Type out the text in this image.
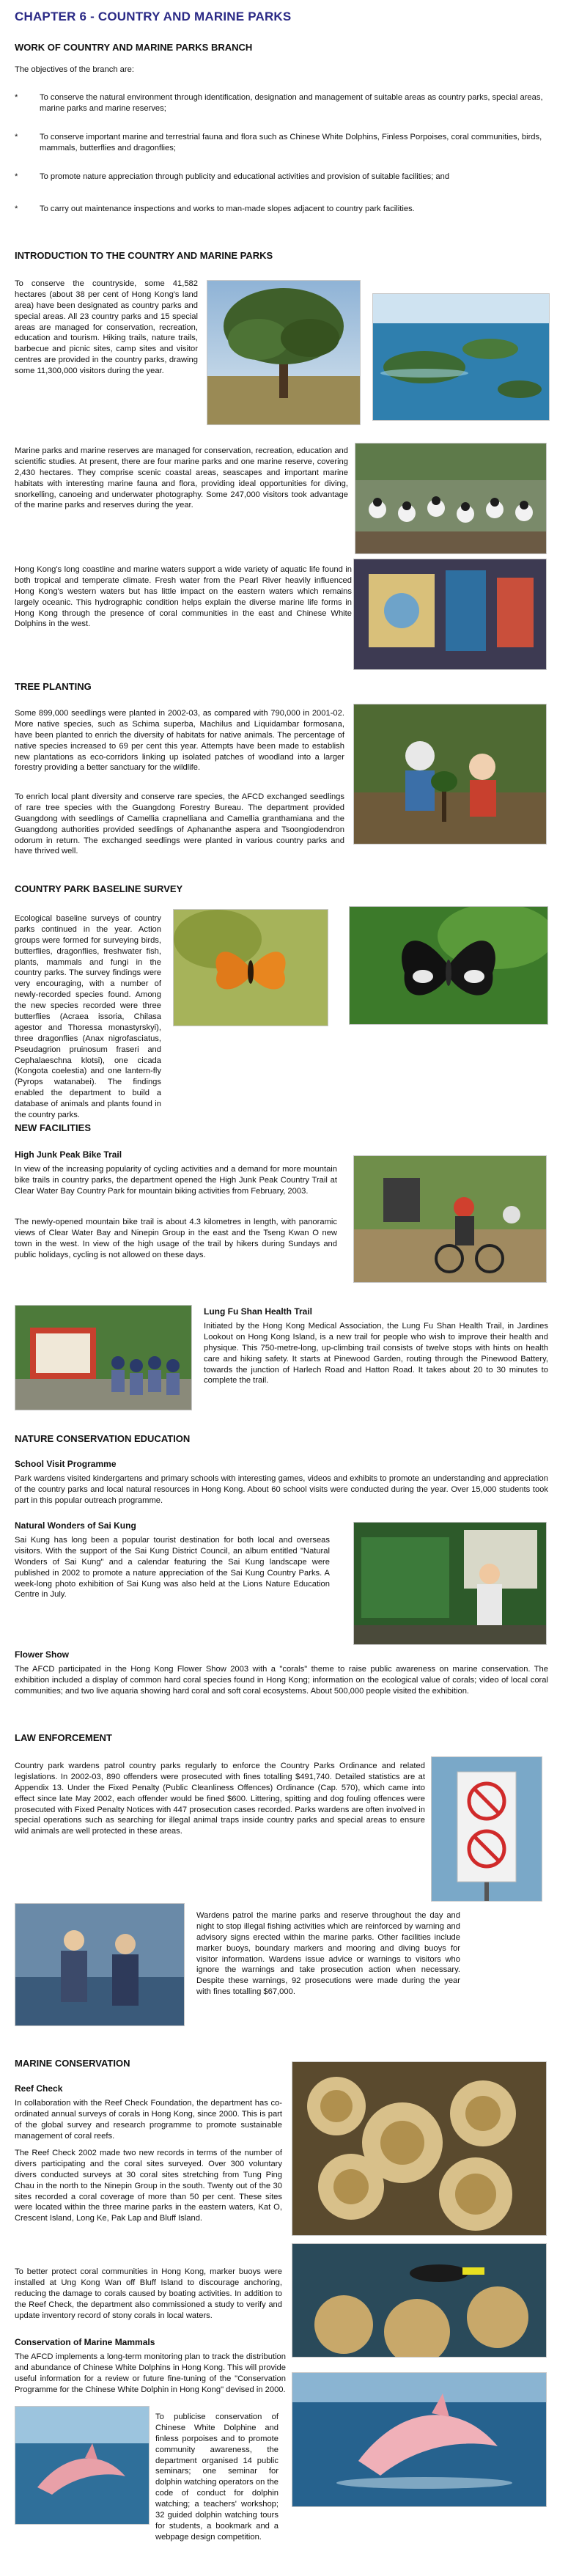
CHAPTER 6 - COUNTRY AND MARINE PARKS
WORK OF COUNTRY AND MARINE PARKS BRANCH

The objectives of the branch are:

*	To conserve the natural environment through identification, designation and management of suitable areas as country parks, special areas, marine parks and marine reserves;
*	To conserve important marine and terrestrial fauna and flora such as Chinese White Dolphins, Finless Porpoises, coral communities, birds, mammals, butterflies and dragonflies;
*	To promote nature appreciation through publicity and educational activities and provision of suitable facilities; and
*	To carry out maintenance inspections and works to man-made slopes adjacent to country park facilities.
INTRODUCTION TO THE COUNTRY AND MARINE PARKS

To conserve the countryside, some 41,582 hectares (about 38 per cent of Hong Kong's land area) have been designated as country parks and special areas. All 23 country parks and 15 special areas are managed for conservation, recreation, education and tourism. Hiking trails, nature trails, barbecue and picnic sites, camp sites and visitor centres are provided in the country parks, drawing some 11,300,000 visitors during the year.

Marine parks and marine reserves are managed for conservation, recreation, education and scientific studies. At present, there are four marine parks and one marine reserve, covering 2,430 hectares. They comprise scenic coastal areas, seascapes and important marine habitats with interesting marine fauna and flora, providing ideal opportunities for diving, snorkelling, canoeing and underwater photography. Some 247,000 visitors took advantage of the marine parks and reserves during the year.

Hong Kong's long coastline and marine waters support a wide variety of aquatic life found in both tropical and temperate climate. Fresh water from the Pearl River heavily influenced Hong Kong's western waters but has little impact on the eastern waters which remains largely oceanic. This hydrographic condition helps explain the diverse marine life forms in Hong Kong through the presence of coral communities in the east and Chinese White Dolphins in the west.

TREE PLANTING

Some 899,000 seedlings were planted in 2002-03, as compared with 790,000 in 2001-02. More native species, such as Schima superba, Machilus and Liquidambar formosana, have been planted to enrich the diversity of habitats for native animals. The percentage of native species increased to 69 per cent this year. Attempts have been made to establish new plantations as eco-corridors linking up isolated patches of woodland into a larger forestry providing a better sanctuary for the wildlife.

To enrich local plant diversity and conserve rare species, the AFCD exchanged seedlings of rare tree species with the Guangdong Forestry Bureau. The department provided Guangdong with seedlings of Camellia crapnelliana and Camellia granthamiana and the Guangdong authorities provided seedlings of Aphananthe aspera and Tsoongiodendron odorum in return. The exchanged seedlings were planted in various country parks and have thrived well.

COUNTRY PARK BASELINE SURVEY

Ecological baseline surveys of country parks continued in the year. Action groups were formed for surveying birds, butterflies, dragonflies, freshwater fish, plants, mammals and fungi in the country parks. The survey findings were very encouraging, with a number of newly-recorded species found. Among the new species recorded were three butterflies (Acraea issoria, Chilasa agestor and Thoressa monastyrskyi), three dragonflies (Anax nigrofasciatus, Pseudagrion pruinosum fraseri and Cephalaeschna klotsi), one cicada (Kongota coelestia) and one lantern-fly (Pyrops watanabei). The findings enabled the department to build a database of animals and plants found in the country parks.

NEW FACILITIES
High Junk Peak Bike Trail

In view of the increasing popularity of cycling activities and a demand for more mountain bike trails in country parks, the department opened the High Junk Peak Country Trail at Clear Water Bay Country Park for mountain biking activities from February, 2003.

The newly-opened mountain bike trail is about 4.3 kilometres in length, with panoramic views of Clear Water Bay and Ninepin Group in the east and the Tseng Kwan O new town in the west. In view of the high usage of the trail by hikers during Sundays and public holidays, cycling is not allowed on these days.

Lung Fu Shan Health Trail

Initiated by the Hong Kong Medical Association, the Lung Fu Shan Health Trail, in Jardines Lookout on Hong Kong Island, is a new trail for people who wish to improve their health and physique. This 750-metre-long, up-climbing trail consists of twelve stops with hints on health care and hiking safety. It starts at Pinewood Garden, routing through the Pinewood Battery, towards the junction of Harlech Road and Hatton Road. It takes about 20 to 30 minutes to complete the trail.

NATURE CONSERVATION EDUCATION
School Visit Programme

Park wardens visited kindergartens and primary schools with interesting games, videos and exhibits to promote an understanding and appreciation of the country parks and local natural resources in Hong Kong. About 60 school visits were conducted during the year. Over 15,000 students took part in this popular outreach programme.

Natural Wonders of Sai Kung

Sai Kung has long been a popular tourist destination for both local and overseas visitors. With the support of the Sai Kung District Council, an album entitled "Natural Wonders of Sai Kung" and a calendar featuring the Sai Kung landscape were published in 2002 to promote a nature appreciation of the Sai Kung Country Parks. A week-long photo exhibition of Sai Kung was also held at the Lions Nature Education Centre in July.

Flower Show

The AFCD participated in the Hong Kong Flower Show 2003 with a "corals" theme to raise public awareness on marine conservation. The exhibition included a display of common hard coral species found in Hong Kong; information on the ecological value of corals; video of local coral communities; and two live aquaria showing hard coral and soft coral ecosystems. About 500,000 people visited the exhibition.

LAW ENFORCEMENT

Country park wardens patrol country parks regularly to enforce the Country Parks Ordinance and related legislations. In 2002-03, 890 offenders were prosecuted with fines totalling $491,740. Detailed statistics are at Appendix 13. Under the Fixed Penalty (Public Cleanliness Offences) Ordinance (Cap. 570), which came into effect since late May 2002, each offender would be fined $600. Littering, spitting and dog fouling offences were prosecuted with Fixed Penalty Notices with 447 prosecution cases recorded. Parks wardens are often involved in special operations such as searching for illegal animal traps inside country parks and special areas to ensure wild animals are well protected in these areas.

Wardens patrol the marine parks and reserve throughout the day and night to stop illegal fishing activities which are reinforced by warning and advisory signs erected within the marine parks. Other facilities include marker buoys, boundary markers and mooring and diving buoys for visitor information. Wardens issue advice or warnings to visitors who ignore the warnings and take prosecution action when necessary. Despite these warnings, 92 prosecutions were made during the year with fines totalling $67,000.

MARINE CONSERVATION
Reef Check

In collaboration with the Reef Check Foundation, the department has co-ordinated annual surveys of corals in Hong Kong, since 2000. This is part of the global survey and research programme to promote sustainable management of coral reefs.

The Reef Check 2002 made two new records in terms of the number of divers participating and the coral sites surveyed. Over 300 voluntary divers conducted surveys at 30 coral sites stretching from Tung Ping Chau in the north to the Ninepin Group in the south. Twenty out of the 30 sites recorded a coral coverage of more than 50 per cent. These sites were located within the three marine parks in the eastern waters, Kat O, Crescent Island, Long Ke, Pak Lap and Bluff Island.

To better protect coral communities in Hong Kong, marker buoys were installed at Ung Kong Wan off Bluff Island to discourage anchoring, reducing the damage to corals caused by boating activities. In addition to the Reef Check, the department also commissioned a study to verify and update inventory record of stony corals in local waters.

Conservation of Marine Mammals

The AFCD implements a long-term monitoring plan to track the distribution and abundance of Chinese White Dolphins in Hong Kong. This will provide useful information for a review or future fine-tuning of the "Conservation Programme for the Chinese White Dolphin in Hong Kong" devised in 2000.

To publicise conservation of Chinese White Dolphine and finless porpoises and to promote community awareness, the department organised 14 public seminars; one seminar for dolphin watching operators on the code of conduct for dolphin watching; a teachers' workshop; 32 guided dolphin watching tours for students, a bookmark and a webpage design competition.
